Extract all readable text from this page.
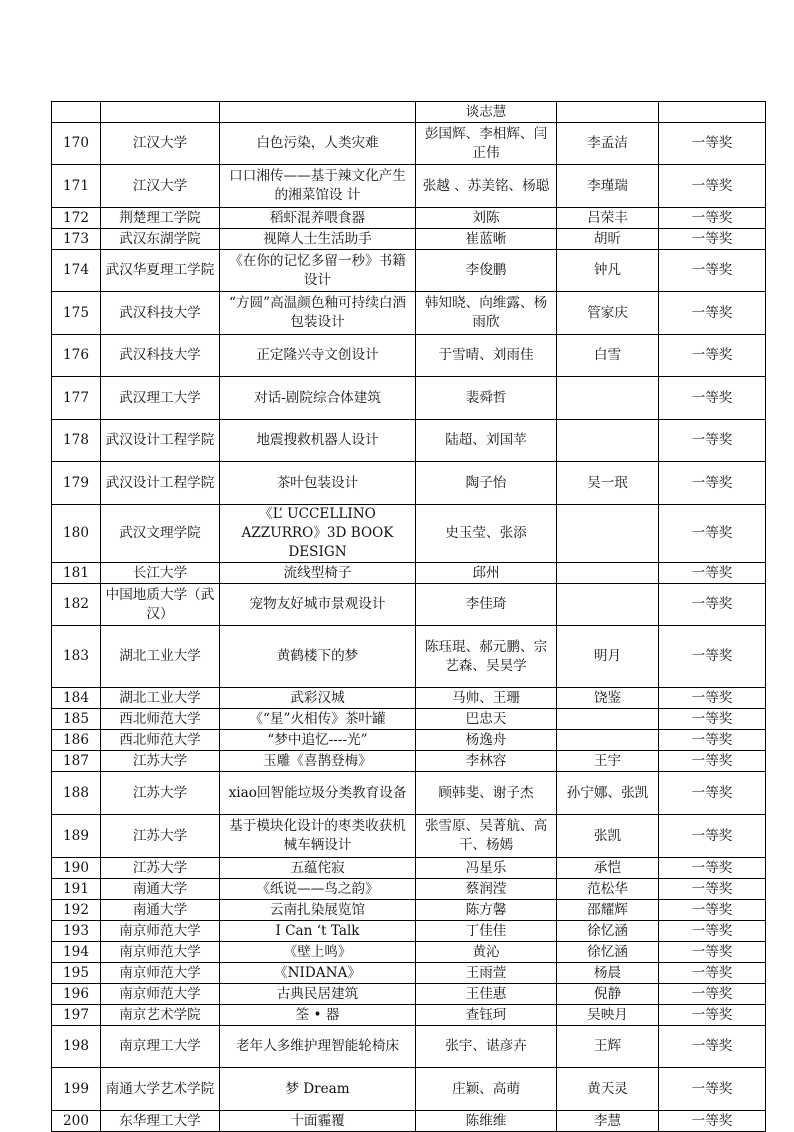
			谈志慧		
170	江汉大学	白色污染，人类灾难	彭国辉、李相辉、闫正伟	李孟洁	一等奖
171	江汉大学	口口湘传——基于辣文化产生的湘菜馆设 计	张越 、苏美铭、杨聪	李瑾瑞	一等奖
172	荆楚理工学院	稻虾混养喂食器	刘陈	吕荣丰	一等奖
173	武汉东湖学院	视障人士生活助手	崔蓝晰	胡昕	一等奖
174	武汉华夏理工学院	《在你的记忆多留一秒》书籍设计	李俊鹏	钟凡	一等奖
175	武汉科技大学	“方圆”高温颜色釉可持续白酒包装设计	韩知晓、向维露、杨雨欣	管家庆	一等奖
176	武汉科技大学	正定隆兴寺文创设计	于雪晴、刘雨佳	白雪	一等奖
177	武汉理工大学	对话-剧院综合体建筑	裴舜哲		一等奖
178	武汉设计工程学院	地震搜救机器人设计	陆超、刘国苹		一等奖
179	武汉设计工程学院	茶叶包装设计	陶子怡	吴一珉	一等奖
180	武汉文理学院	《L’ UCCELLINO AZZURRO》3D BOOK DESIGN	史玉莹、张添		一等奖
181	长江大学	流线型椅子	邱州		一等奖
182	中国地质大学（武汉）	宠物友好城市景观设计	李佳琦		一等奖
183	湖北工业大学	黄鹤楼下的梦	陈珏琨、郝元鹏、宗艺森、吴昊学	明月	一等奖
184	湖北工业大学	武彩汉城	马帅、王珊	饶鉴	一等奖
185	西北师范大学	《“星”火相传》茶叶罐	巴忠天		一等奖
186	西北师范大学	“梦中追忆----光”	杨逸舟		一等奖
187	江苏大学	玉雕《喜鹊登梅》	李林容	王宇	一等奖
188	江苏大学	xiao回智能垃圾分类教育设备	顾韩斐、谢子杰	孙宁娜、张凯	一等奖
189	江苏大学	基于模块化设计的枣类收获机械车辆设计	张雪原、吴菁航、高干、杨嫣	张凯	一等奖
190	江苏大学	五蕴侘寂	冯星乐	承恺	一等奖
191	南通大学	《纸说——鸟之韵》	蔡润滢	范松华	一等奖
192	南通大学	云南扎染展览馆	陈方馨	邵耀辉	一等奖
193	南京师范大学	I Can ‘t Talk	丁佳佳	徐忆涵	一等奖
194	南京师范大学	《壁上鸣》	黄沁	徐忆涵	一等奖
195	南京师范大学	《NIDANA》	王雨萱	杨晨	一等奖
196	南京师范大学	古典民居建筑	王佳惠	倪静	一等奖
197	南京艺术学院	筌 • 器	查钰珂	吴映月	一等奖
198	南京理工大学	老年人多维护理智能轮椅床	张宇、谌彦卉	王辉	一等奖
199	南通大学艺术学院	梦 Dream	庄颖、高萌	黄天灵	一等奖
200	东华理工大学	十面霾覆	陈维维	李慧	一等奖
